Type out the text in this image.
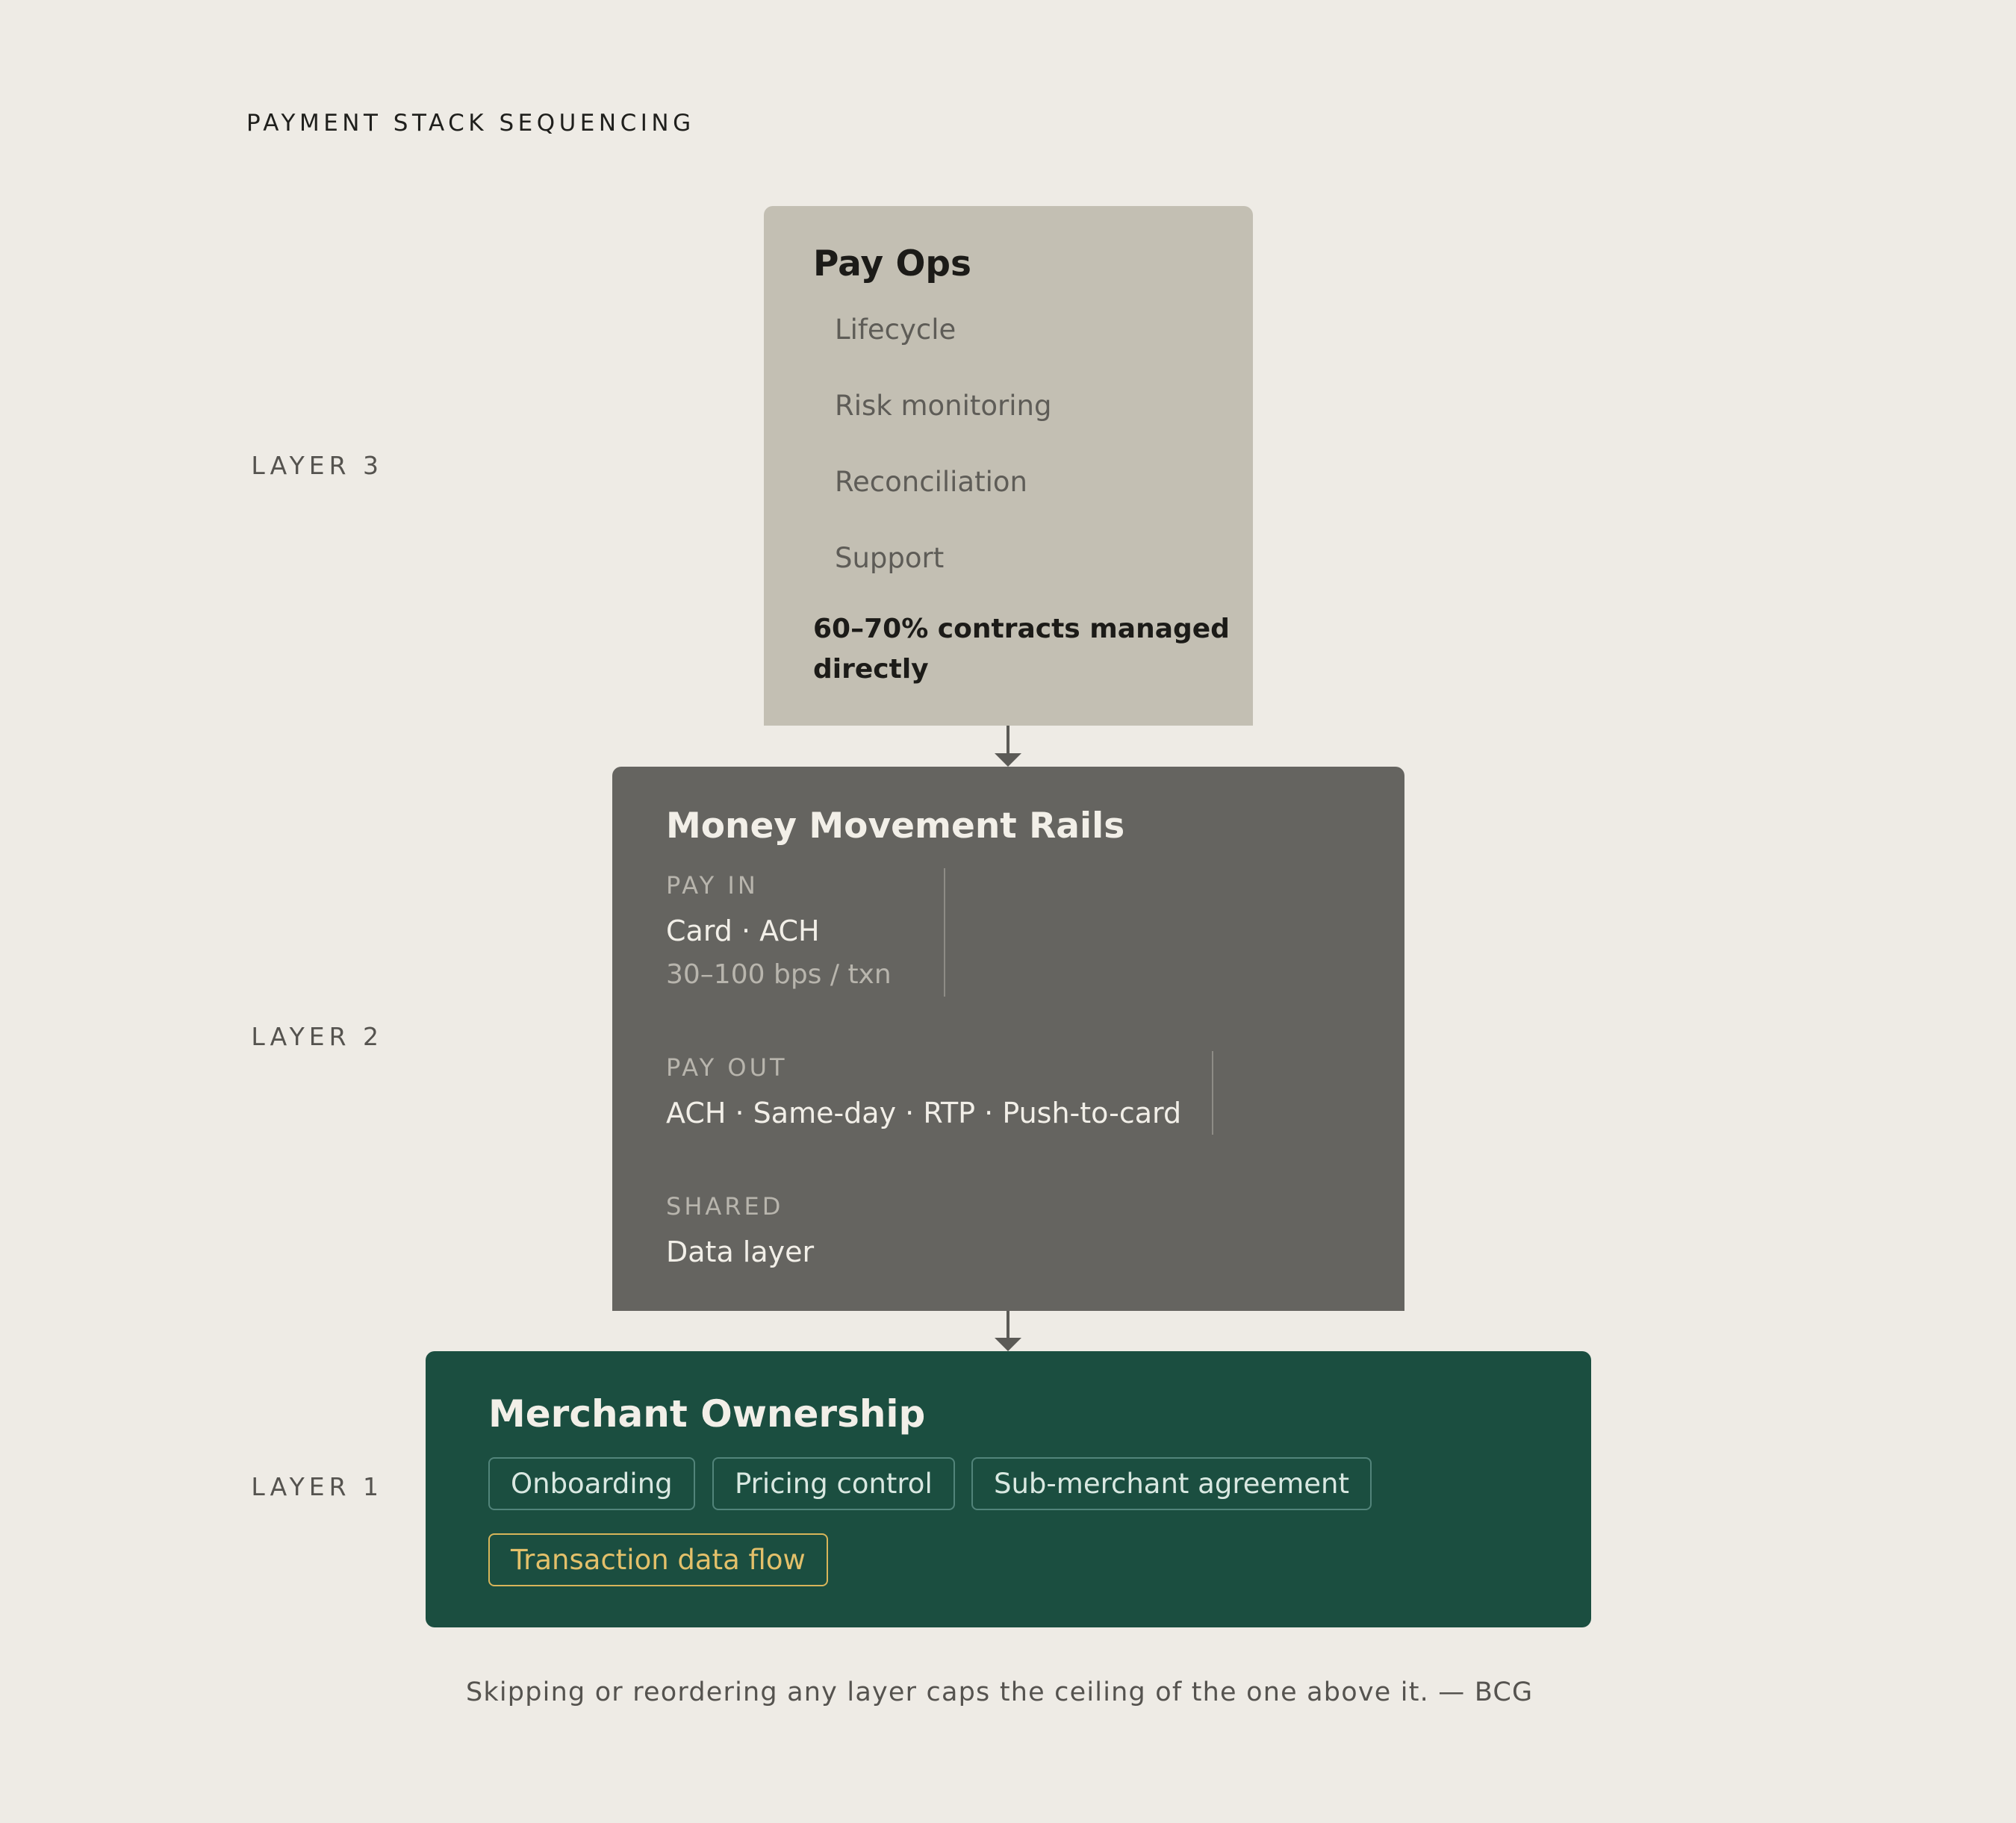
PAYMENT STACK SEQUENCING
LAYER 3
LAYER 2
LAYER 1
Pay Ops
Lifecycle
Risk monitoring
Reconciliation
Support
60–70% contracts managed directly
Money Movement Rails
PAY IN
Card · ACH
30–100 bps / txn
PAY OUT
ACH · Same-day · RTP · Push-to-card
SHARED
Data layer
Merchant Ownership
Onboarding	Pricing control	Sub-merchant agreement
Transaction data flow
Skipping or reordering any layer caps the ceiling of the one above it. — BCG
